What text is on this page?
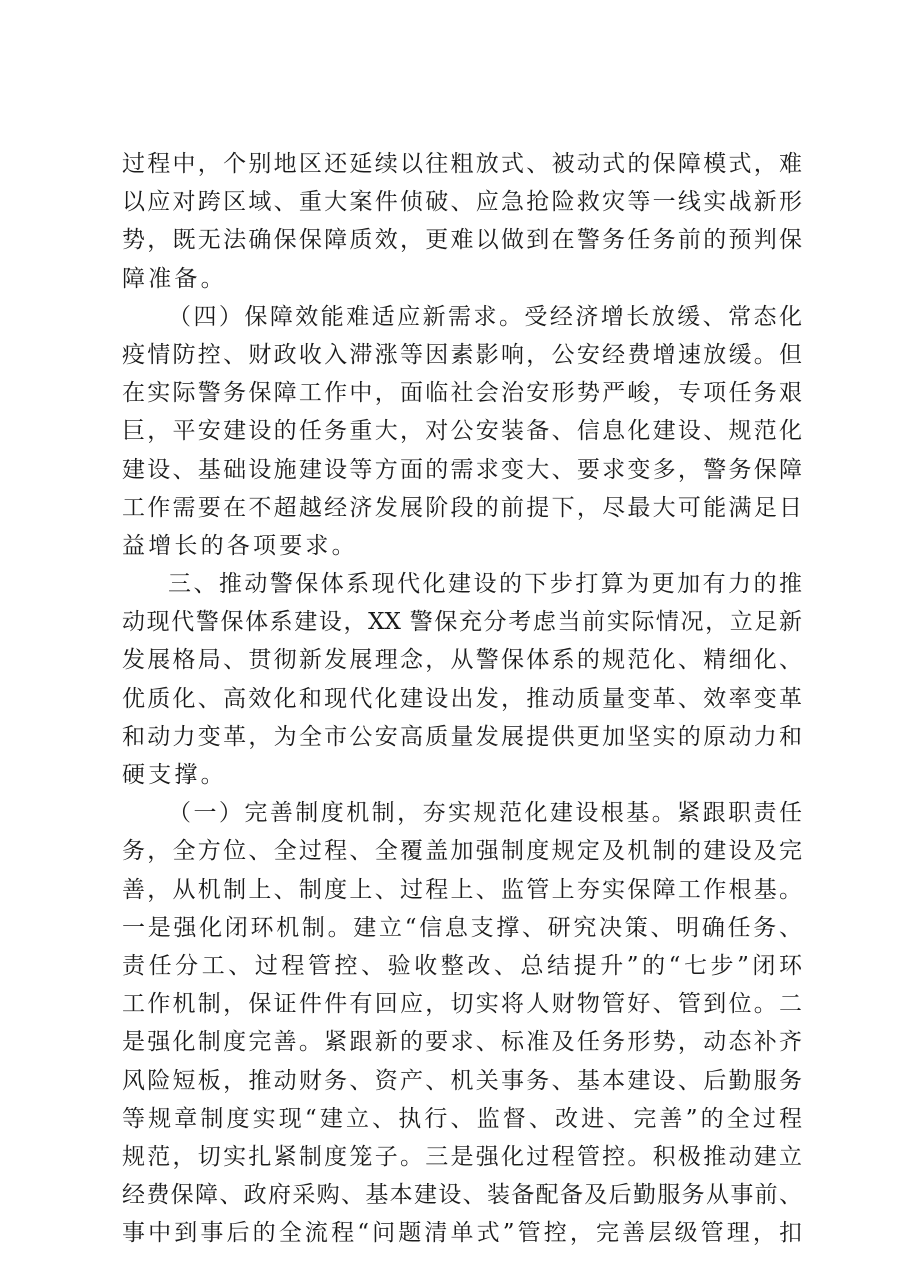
过程中，个别地区还延续以往粗放式、被动式的保障模式，难
以应对跨区域、重大案件侦破、应急抢险救灾等一线实战新形
势，既无法确保保障质效，更难以做到在警务任务前的预判保
障准备。
（四）保障效能难适应新需求。受经济增长放缓、常态化
疫情防控、财政收入滞涨等因素影响，公安经费增速放缓。但
在实际警务保障工作中，面临社会治安形势严峻，专项任务艰
巨，平安建设的任务重大，对公安装备、信息化建设、规范化
建设、基础设施建设等方面的需求变大、要求变多，警务保障
工作需要在不超越经济发展阶段的前提下，尽最大可能满足日
益增长的各项要求。
三、推动警保体系现代化建设的下步打算为更加有力的推
动现代警保体系建设，XX 警保充分考虑当前实际情况，立足新
发展格局、贯彻新发展理念，从警保体系的规范化、精细化、
优质化、高效化和现代化建设出发，推动质量变革、效率变革
和动力变革，为全市公安高质量发展提供更加坚实的原动力和
硬支撑。
（一）完善制度机制，夯实规范化建设根基。紧跟职责任
务，全方位、全过程、全覆盖加强制度规定及机制的建设及完
善，从机制上、制度上、过程上、监管上夯实保障工作根基。
一是强化闭环机制。建立“信息支撑、研究决策、明确任务、
责任分工、过程管控、验收整改、总结提升”的“七步”闭环
工作机制，保证件件有回应，切实将人财物管好、管到位。二
是强化制度完善。紧跟新的要求、标准及任务形势，动态补齐
风险短板，推动财务、资产、机关事务、基本建设、后勤服务
等规章制度实现“建立、执行、监督、改进、完善”的全过程
规范，切实扎紧制度笼子。三是强化过程管控。积极推动建立
经费保障、政府采购、基本建设、装备配备及后勤服务从事前、
事中到事后的全流程“问题清单式”管控，完善层级管理，扣
